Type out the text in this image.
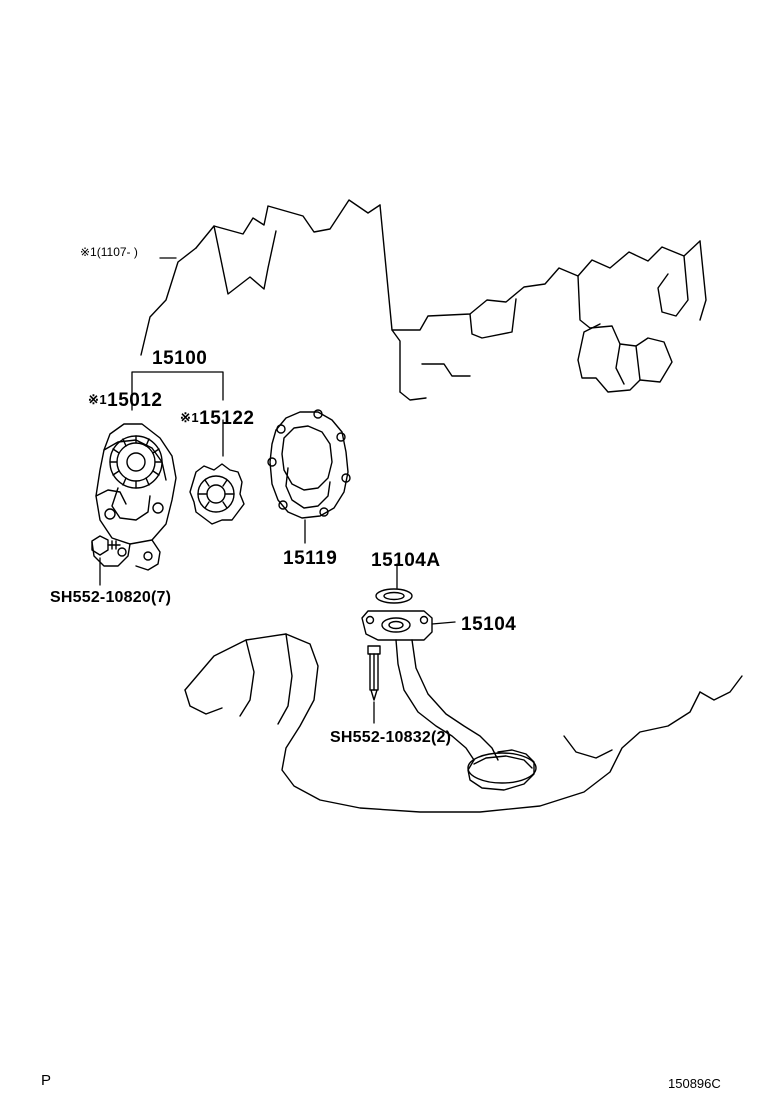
※1(1107- )
15100
※115012
※115122
15119 15104A
15104
SH552-10820(7)
SH552-10832(2)
P	150896C
